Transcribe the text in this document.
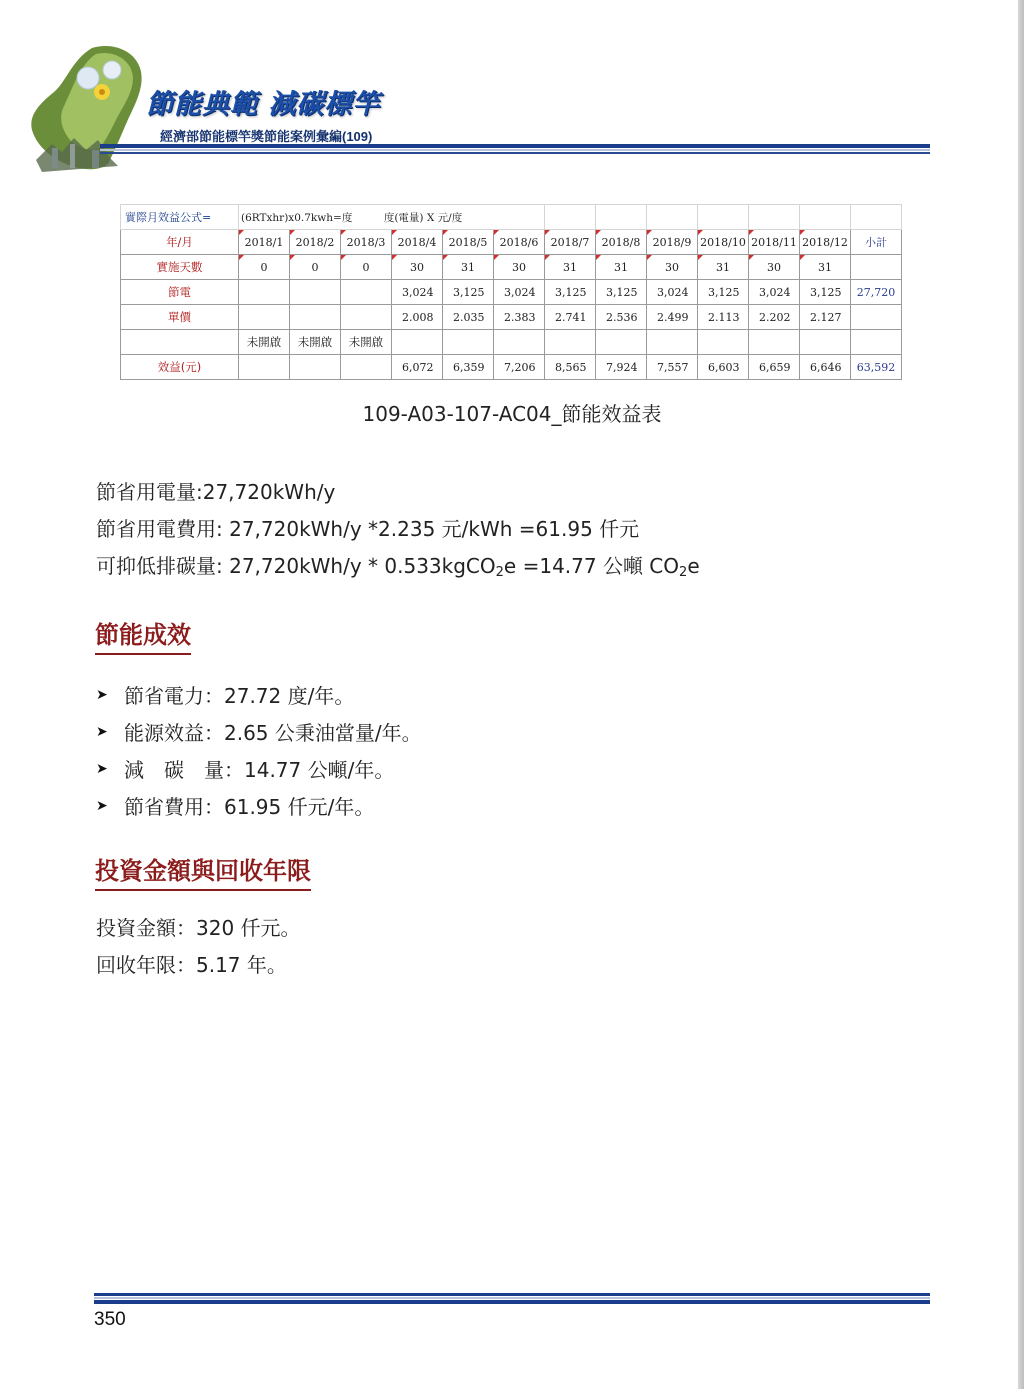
節能典範 減碳標竿
經濟部節能標竿獎節能案例彙編(109)
實際月效益公式=	(6RTxhr)x0.7kwh=度　　　度(電量) X 元/度												
年/月	2018/1	2018/2	2018/3	2018/4	2018/5	2018/6	2018/7	2018/8	2018/9	2018/10	2018/11	2018/12	小計
實施天數	0	0	0	30	31	30	31	31	30	31	30	31	
節電				3,024	3,125	3,024	3,125	3,125	3,024	3,125	3,024	3,125	27,720
單價				2.008	2.035	2.383	2.741	2.536	2.499	2.113	2.202	2.127	
	未開啟	未開啟	未開啟										
效益(元)				6,072	6,359	7,206	8,565	7,924	7,557	6,603	6,659	6,646	63,592
109-A03-107-AC04_節能效益表
節省用電量:27,720kWh/y
節省用電費用: 27,720kWh/y *2.235 元/kWh =61.95 仟元
可抑低排碳量: 27,720kWh/y * 0.533kgCO$_2$e =14.77 公噸 $CO_2e$
節能成效
➤ 節省電力：27.72 度/年。
➤ 能源效益：2.65 公秉油當量/年。
➤ 減　碳　量：14.77 公噸/年。
➤ 節省費用：61.95 仟元/年。
投資金額與回收年限
投資金額：320 仟元。
回收年限：5.17 年。
350
